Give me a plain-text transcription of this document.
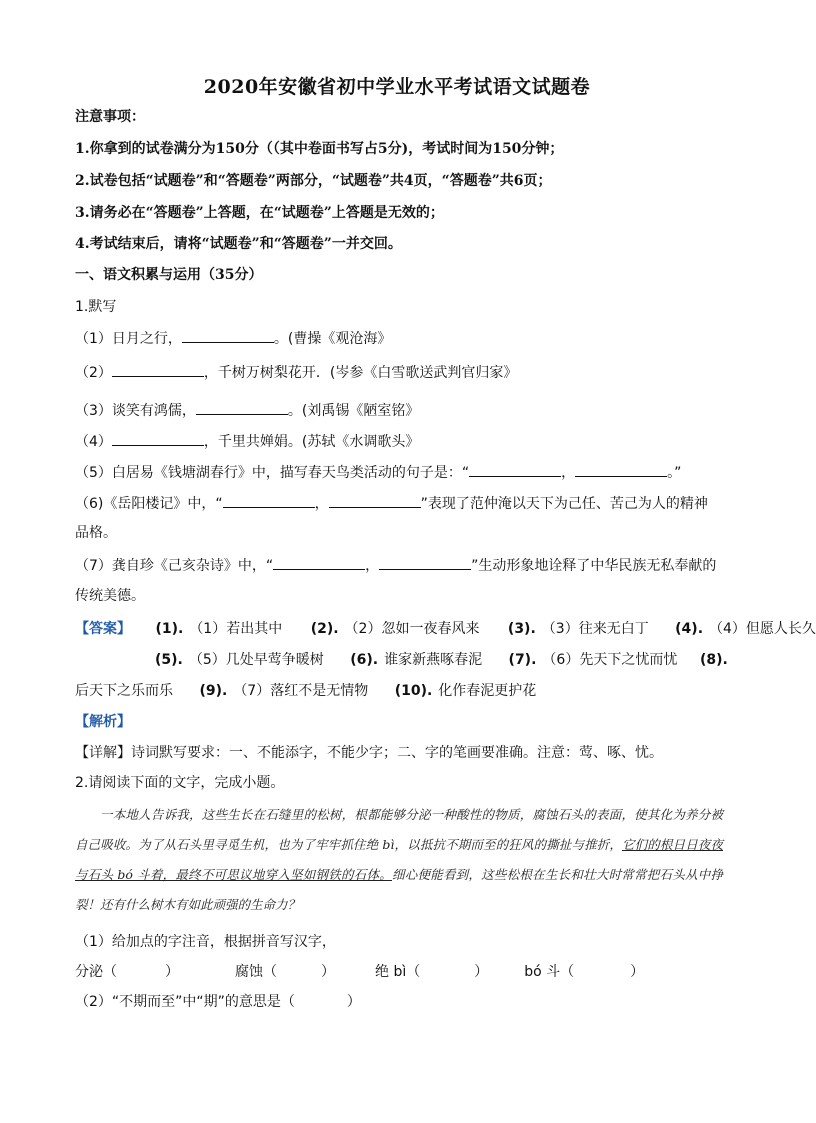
2020年安徽省初中学业水平考试语文试题卷
注意事项：
1.你拿到的试卷满分为150分（（其中卷面书写占5分)，考试时间为150分钟；
2.试卷包括“试题卷”和“答题卷”两部分，“试题卷”共4页，“答题卷”共6页；
3.请务必在“答题卷”上答题，在“试题卷”上答题是无效的；
4.考试结束后，请将“试题卷”和“答题卷”一并交回。
一、语文积累与运用（35分）
1.默写
（1）日月之行，	。(曹操《观沧海》
（2）	，千树万树梨花开．(岑参《白雪歌送武判官归家》
（3）谈笑有鸿儒，	。(刘禹锡《陋室铭》
（4）	，千里共婵娟。(苏轼《水调歌头》
（5）白居易《钱塘湖春行》中，描写春天鸟类活动的句子是：“	，	。”
（6)《岳阳楼记》中，“	，	”表现了范仲淹以天下为己任、苦己为人的精神
品格。
（7）龚自珍《己亥杂诗》中，“	，	”生动形象地诠释了中华民族无私奉献的
传统美德。
【答案】 (1). （1）若出其中 (2). （2）忽如一夜春风来 (3). （3）往来无白丁 (4). （4）但愿人长久
(5). （5）几处早莺争暖树 (6). 谁家新燕啄春泥 (7). （6）先天下之忧而忧
后天下之乐而乐 (9). （7）落红不是无情物 (10). 化作春泥更护花
(8).
【解析】
【详解】诗词默写要求：一、不能添字，不能少字；二、字的笔画要准确。注意：莺、啄、忧。
2.请阅读下面的文字，完成小题。

一本地人告诉我，这些生长在石缝里的松树，根都能够分泌一种酸性的物质，腐蚀石头的表面，使其化为养分被自己吸收。为了从石头里寻觅生机，也为了牢牢抓住绝 bì，以抵抗不期而至的狂风的撕扯与推折，它们的根日日夜夜与石头 bó 斗着，最终不可思议地穿入坚如钢铁的石体。细心便能看到，这些松根在生长和壮大时常常把石头从中挣裂！还有什么树木有如此顽强的生命力？

（1）给加点的字注音，根据拼音写汉字，
分泌（	）	腐蚀（	）	绝 bì（	）	bó 斗（	）
（2）“不期而至”中“期”的意思是（	）
